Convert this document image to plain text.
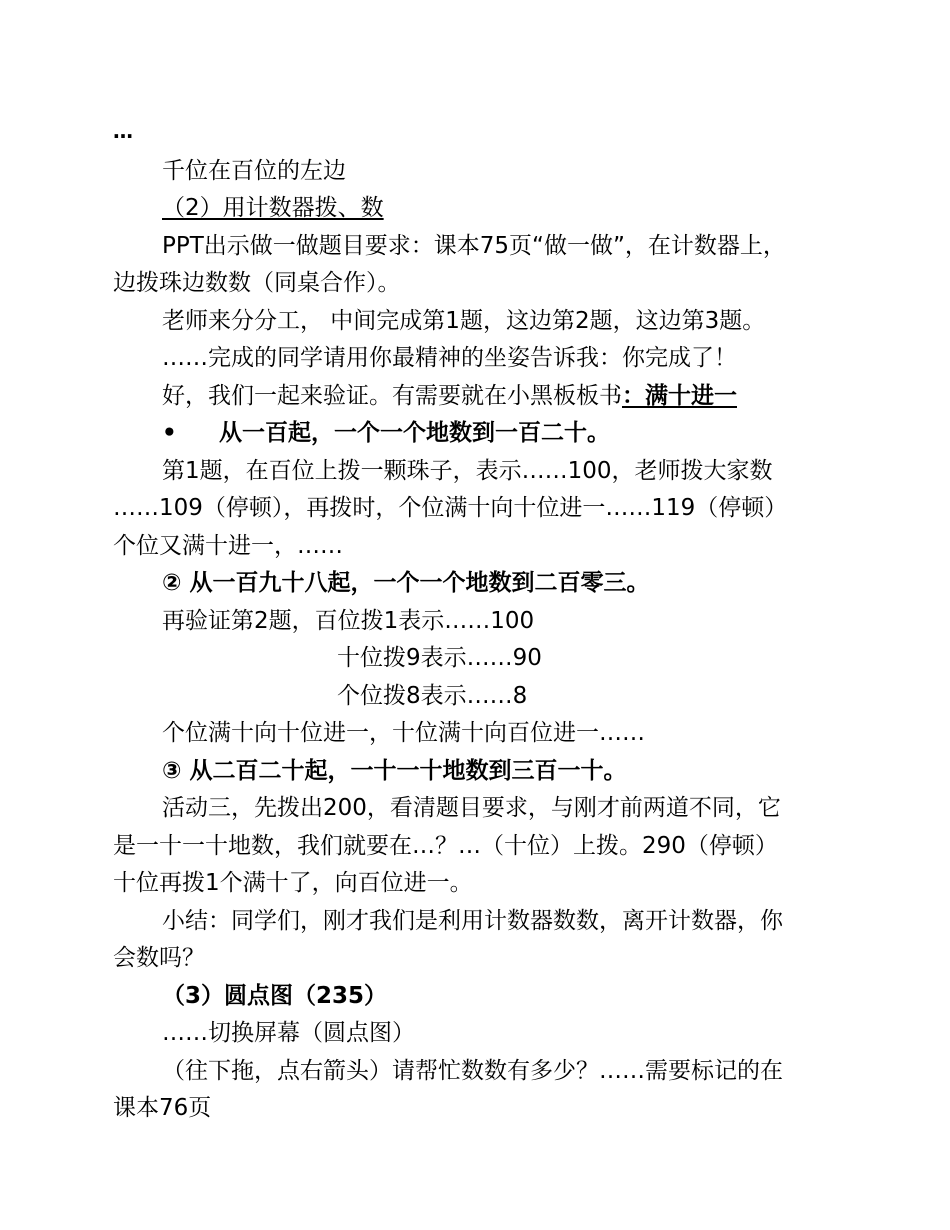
…
千位在百位的左边
（2）用计数器拨、数
PPT出示做一做题目要求：课本75页“做一做”，在计数器上，
边拨珠边数数（同桌合作）。
老师来分分工， 中间完成第1题，这边第2题，这边第3题。
……完成的同学请用你最精神的坐姿告诉我：你完成了！
好，我们一起来验证。有需要就在小黑板板书：满十进一
• 从一百起，一个一个地数到一百二十。
第1题，在百位上拨一颗珠子，表示……100，老师拨大家数
……109（停顿），再拨时，个位满十向十位进一……119（停顿）
个位又满十进一，……
② 从一百九十八起，一个一个地数到二百零三。
再验证第2题，百位拨1表示……100
十位拨9表示……90
个位拨8表示……8
个位满十向十位进一，十位满十向百位进一……
③ 从二百二十起，一十一十地数到三百一十。
活动三，先拨出200，看清题目要求，与刚才前两道不同，它
是一十一十地数，我们就要在…？…（十位）上拨。290（停顿）
十位再拨1个满十了，向百位进一。
小结：同学们，刚才我们是利用计数器数数，离开计数器，你
会数吗？
（3）圆点图（235）
……切换屏幕（圆点图）
（往下拖，点右箭头）请帮忙数数有多少？……需要标记的在
课本76页
